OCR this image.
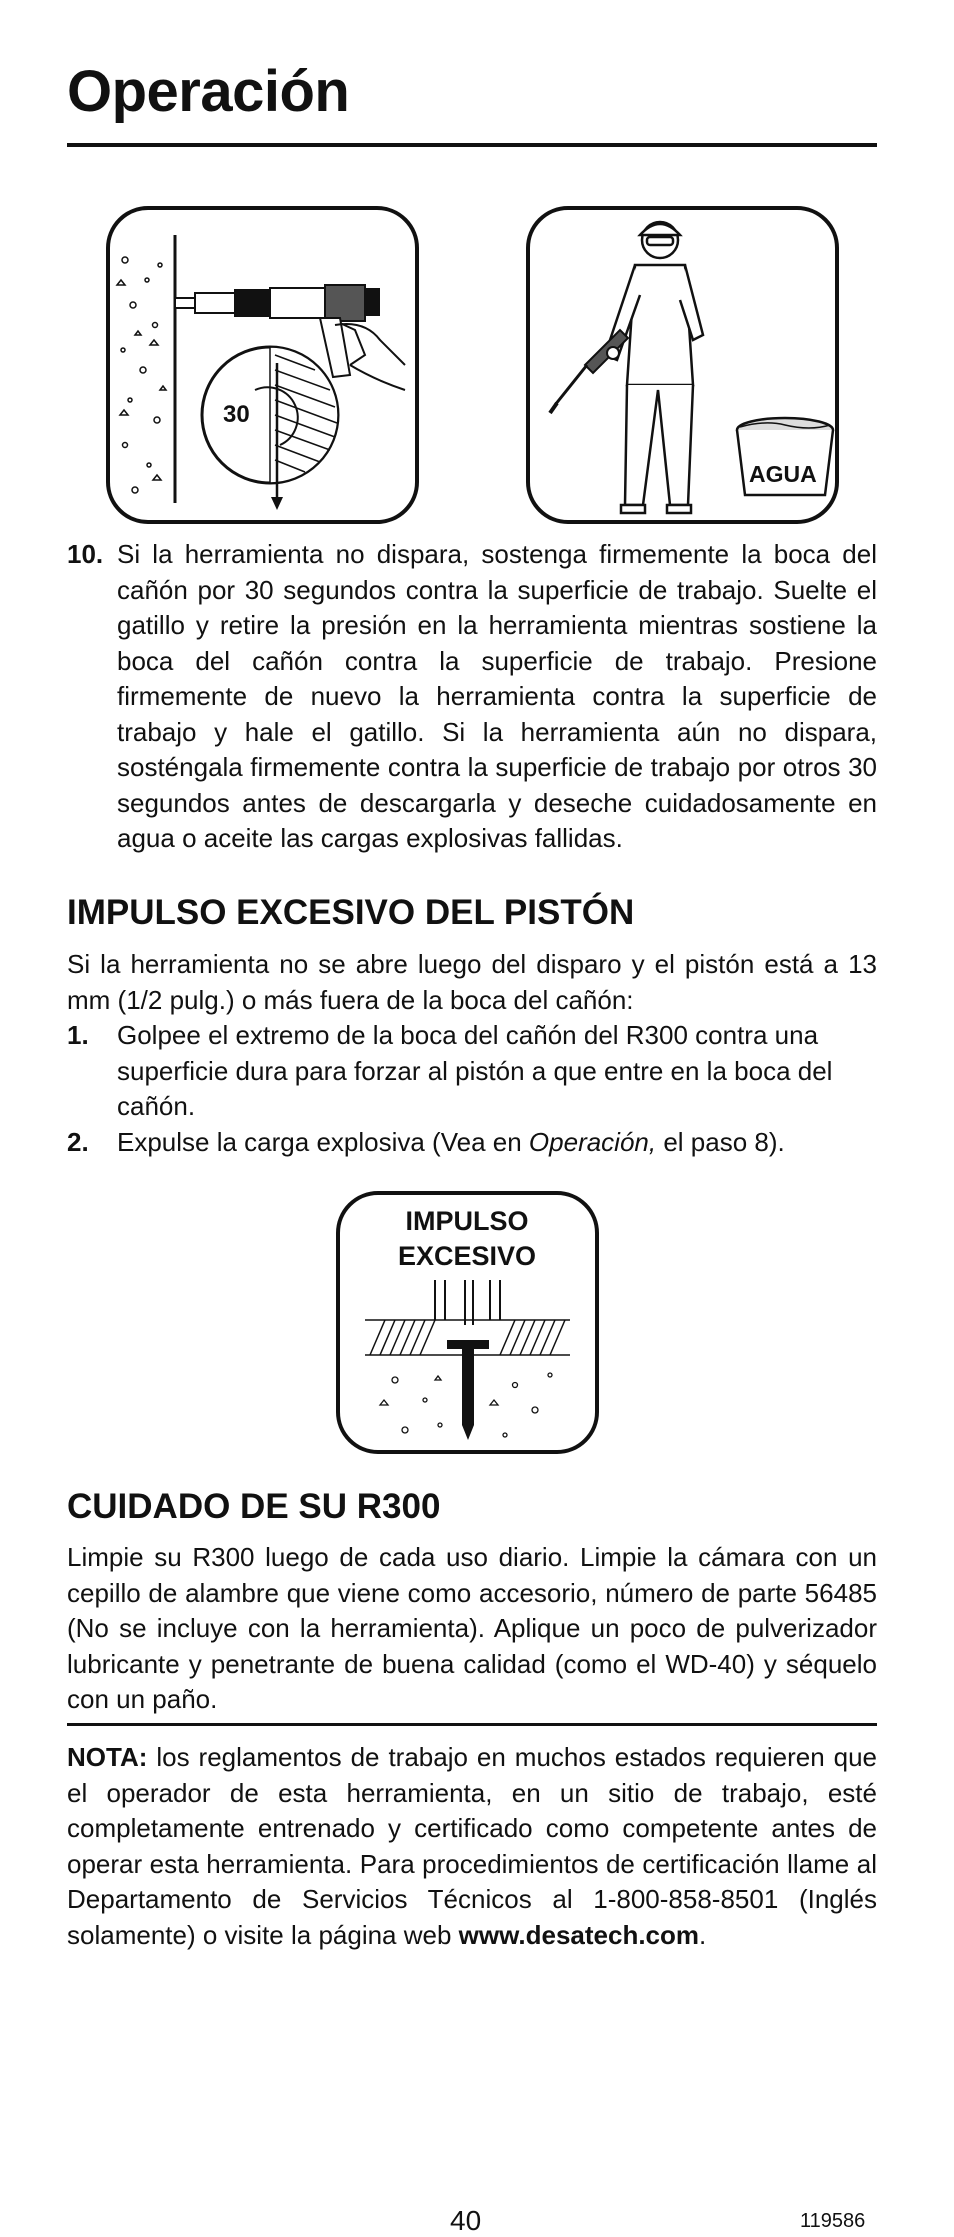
Operación
30
AGUA
10. Si la herramienta no dispara, sostenga firmemente la boca del cañón por 30 segundos contra la superficie de trabajo. Suelte el gatillo y retire la presión en la herramienta mientras sostiene la boca del cañón contra la superficie de trabajo. Presione firmemente de nuevo la herramienta contra la superficie de trabajo y hale el gatillo. Si la herramienta aún no dispara, sosténgala firmemente contra la superficie de trabajo por otros 30 segundos antes de descargarla y deseche cuidadosamente en agua o aceite las cargas explosivas fallidas.
IMPULSO EXCESIVO DEL PISTÓN

Si la herramienta no se abre luego del disparo y el pistón está a 13 mm (1/2 pulg.) o más fuera de la boca del cañón:

1. Golpee el extremo de la boca del cañón del R300 contra una superficie dura para forzar al pistón a que entre en la boca del cañón.
2. Expulse la carga explosiva (Vea en Operación, el paso 8).
IMPULSO
EXCESIVO
CUIDADO DE SU R300

Limpie su R300 luego de cada uso diario. Limpie la cámara con un cepillo de alambre que viene como accesorio, número de parte 56485 (No se incluye con la herramienta). Aplique un poco de pulverizador lubricante y penetrante de buena calidad (como el WD-40) y séquelo con un paño.

NOTA: los reglamentos de trabajo en muchos estados requieren que el operador de esta herramienta, en un sitio de trabajo, esté completamente entrenado y certificado como competente antes de operar esta herramienta. Para procedimientos de certificación llame al Departamento de Servicios Técnicos al 1-800-858-8501 (Inglés solamente) o visite la página web www.desatech.com.

40	119586
